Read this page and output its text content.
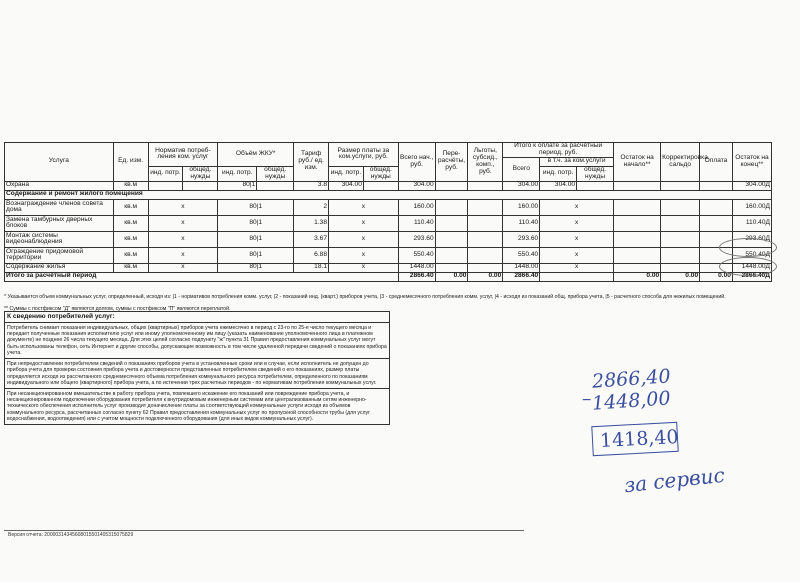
Услуга	Ед. изм.	Норматив потреб-ления ком. услуг		Объём ЖКУ*		Тариф руб./ ед. изм.	Размер платы за ком.услуги, руб.		Всего нач., руб.	Пере-расчёты, руб.	Льготы, субсид., комп., руб.	Итого к оплате за расчётный период, руб.			Остаток на начало**	Корректировка сальдо	Оплата	Остаток на конец**
												Всего	в т.ч. за ком.услуги					
		инд. потр.	общед. нужды	инд. потр.	общед. нужды		инд. потр.	общед. нужды					инд. потр.	общед. нужды				
Охрана	кв.м			80|1		3.8	304.00		304.00			304.00	304.00					304.00Д
Содержание и ремонт жилого помещения																		
Вознаграждение членов совета дома	кв.м	x		80|1		2	x		160.00			160.00	x					160.00Д
Замена тамбурных дверных блоков	кв.м	x		80|1		1.38	x		110.40			110.40	x					110.40Д
Монтаж системы видеонаблюдения	кв.м	x		80|1		3.67	x		293.60			293.60	x					293.60Д
Ограждение придомовой территории	кв.м	x		80|1		6.88	x		550.40			550.40	x					550.40Д
Содержание жилья	кв.м	x		80|1		18.1	x		1448.00			1448.00	x					1448.00Д
Итого за расчётный период									2866.40	0.00	0.00	2866.40			0.00	0.00	0.00	2866.40Д
* Указывается объем коммунальных услуг, определенный, исходя из: |1 - нормативов потребления комм. услуг, |2 - показаний инд. (кварт.) приборов учета, |3 - среднемесячного потребления комм. услуг, |4 - исходя из показаний общ. прибора учета, |5 - расчетного способа для нежилых помещений.
** Суммы с постфиксом "Д" являются долгом, суммы с постфиксом "П" являются переплатой.
К сведению потребителей услуг:

Потребитель снимает показания индивидуальных, общих (квартирных) приборов учета ежемесячно в период с 23-го по 25-е число текущего месяца и передает полученные показания исполнителю услуг или иному уполномоченному им лицу (указать наименование уполномоченного лица в платежном документе) не позднее 26 числа текущего месяца. Для этих целей согласно подпункту "ж" пункта 31 Правил предоставления коммунальных услуг могут быть использованы телефон, сеть Интернет и другие способы, допускающие возможность в том числе удаленной передачи сведений о показаниях прибора учета.

При непредоставлении потребителем сведений о показаниях приборов учета в установленные сроки или в случае, если исполнитель не допущен до прибора учета для проверки состояния прибора учета и достоверности представленных потребителем сведений о его показаниях, размер платы определяется исходя из рассчитанного среднемесячного объема потребления коммунального ресурса потребителем, определенного по показаниям индивидуального или общего (квартирного) прибора учета, а по истечении трех расчетных периодов - по нормативам потребления коммунальных услуг.

При несанкционированном вмешательстве в работу прибора учета, повлекшего искажение его показаний или повреждение прибора учета, и несанкционированном подключении оборудования потребителя к внутридомовым инженерным системам или централизованным сетям инженерно-технического обеспечения исполнитель услуг производит доначисление платы за соответствующий коммунальные услуги исходя из объемов коммунального ресурса, рассчитанных согласно пункту 62 Правил предоставления коммунальных услуг по пропускной способности трубы (для услуг водоснабжения, водоотведения) или с учетом мощности подключенного оборудования (для иных видов коммунальных услуг).

Версия отчета: 20000314345608015501405315075829
2866,40
1448,00
−
1418,40
за сервис
